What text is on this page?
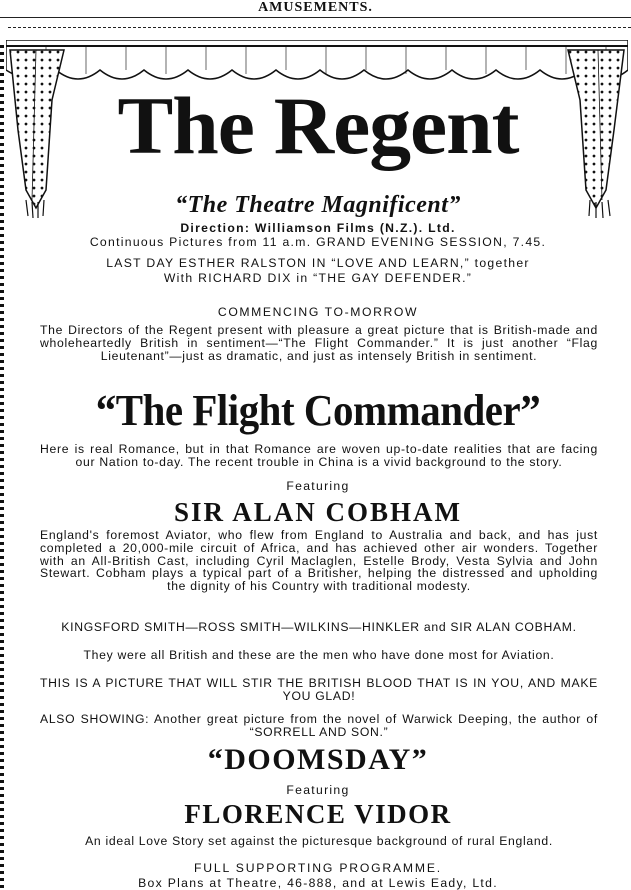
AMUSEMENTS.
The Regent
“The Theatre Magnificent”
Direction: Williamson Films (N.Z.). Ltd.
Continuous Pictures from 11 a.m. GRAND EVENING SESSION, 7.45.
LAST DAY ESTHER RALSTON IN “LOVE AND LEARN,” together
With RICHARD DIX in “THE GAY DEFENDER.”
COMMENCING TO-MORROW

The Directors of the Regent present with pleasure a great picture that is British-made and wholeheartedly British in sentiment—“The Flight Commander.” It is just another “Flag Lieutenant”—just as dramatic, and just as intensely British in sentiment.

“The Flight Commander”

Here is real Romance, but in that Romance are woven up-to-date realities that are facing our Nation to-day. The recent trouble in China is a vivid background to the story.

Featuring
SIR ALAN COBHAM

England's foremost Aviator, who flew from England to Australia and back, and has just completed a 20,000-mile circuit of Africa, and has achieved other air wonders. Together with an All-British Cast, including Cyril Maclaglen, Estelle Brody, Vesta Sylvia and John Stewart. Cobham plays a typical part of a Britisher, helping the distressed and upholding the dignity of his Country with traditional modesty.

KINGSFORD SMITH—ROSS SMITH—WILKINS—HINKLER and SIR ALAN COBHAM.

They were all British and these are the men who have done most for Aviation.

THIS IS A PICTURE THAT WILL STIR THE BRITISH BLOOD THAT IS IN YOU, AND MAKE YOU GLAD!

ALSO SHOWING: Another great picture from the novel of Warwick Deeping, the author of “SORRELL AND SON.”

“DOOMSDAY”
Featuring
FLORENCE VIDOR

An ideal Love Story set against the picturesque background of rural England.

FULL SUPPORTING PROGRAMME.
Box Plans at Theatre, 46-888, and at Lewis Eady, Ltd.
